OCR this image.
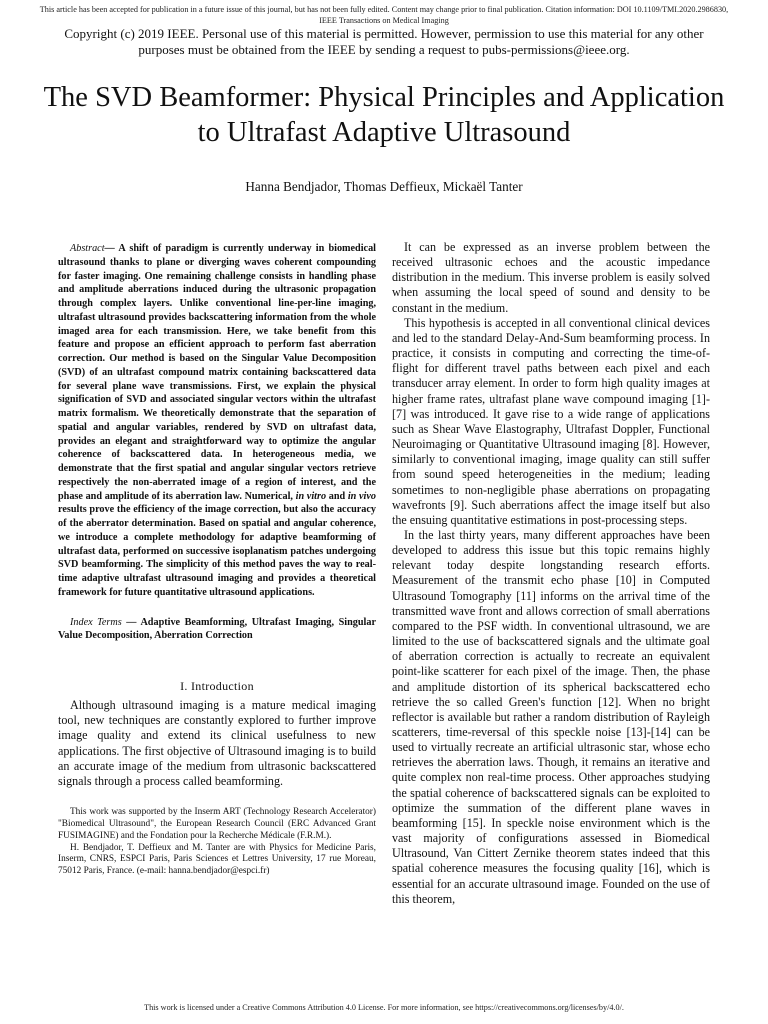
This article has been accepted for publication in a future issue of this journal, but has not been fully edited. Content may change prior to final publication. Citation information: DOI 10.1109/TMI.2020.2986830, IEEE Transactions on Medical Imaging
Copyright (c) 2019 IEEE. Personal use of this material is permitted. However, permission to use this material for any other purposes must be obtained from the IEEE by sending a request to pubs-permissions@ieee.org.
The SVD Beamformer: Physical Principles and Application to Ultrafast Adaptive Ultrasound
Hanna Bendjador, Thomas Deffieux, Mickaël Tanter

Abstract— A shift of paradigm is currently underway in biomedical ultrasound thanks to plane or diverging waves coherent compounding for faster imaging. One remaining challenge consists in handling phase and amplitude aberrations induced during the ultrasonic propagation through complex layers. Unlike conventional line-per-line imaging, ultrafast ultrasound provides backscattering information from the whole imaged area for each transmission. Here, we take benefit from this feature and propose an efficient approach to perform fast aberration correction. Our method is based on the Singular Value Decomposition (SVD) of an ultrafast compound matrix containing backscattered data for several plane wave transmissions. First, we explain the physical signification of SVD and associated singular vectors within the ultrafast matrix formalism. We theoretically demonstrate that the separation of spatial and angular variables, rendered by SVD on ultrafast data, provides an elegant and straightforward way to optimize the angular coherence of backscattered data. In heterogeneous media, we demonstrate that the first spatial and angular singular vectors retrieve respectively the non-aberrated image of a region of interest, and the phase and amplitude of its aberration law. Numerical, in vitro and in vivo results prove the efficiency of the image correction, but also the accuracy of the aberrator determination. Based on spatial and angular coherence, we introduce a complete methodology for adaptive beamforming of ultrafast data, performed on successive isoplanatism patches undergoing SVD beamforming. The simplicity of this method paves the way to real-time adaptive ultrafast ultrasound imaging and provides a theoretical framework for future quantitative ultrasound applications.

Index Terms — Adaptive Beamforming, Ultrafast Imaging, Singular Value Decomposition, Aberration Correction

I. Introduction

Although ultrasound imaging is a mature medical imaging tool, new techniques are constantly explored to further improve image quality and extend its clinical usefulness to new applications. The first objective of Ultrasound imaging is to build an accurate image of the medium from ultrasonic backscattered signals through a process called beamforming.

This work was supported by the Inserm ART (Technology Research Accelerator) "Biomedical Ultrasound", the European Research Council (ERC Advanced Grant FUSIMAGINE) and the Fondation pour la Recherche Médicale (F.R.M.).

H. Bendjador, T. Deffieux and M. Tanter are with Physics for Medicine Paris, Inserm, CNRS, ESPCI Paris, Paris Sciences et Lettres University, 17 rue Moreau, 75012 Paris, France. (e-mail: hanna.bendjador@espci.fr)

It can be expressed as an inverse problem between the received ultrasonic echoes and the acoustic impedance distribution in the medium. This inverse problem is easily solved when assuming the local speed of sound and density to be constant in the medium.

This hypothesis is accepted in all conventional clinical devices and led to the standard Delay-And-Sum beamforming process. In practice, it consists in computing and correcting the time-of-flight for different travel paths between each pixel and each transducer array element. In order to form high quality images at higher frame rates, ultrafast plane wave compound imaging [1]-[7] was introduced. It gave rise to a wide range of applications such as Shear Wave Elastography, Ultrafast Doppler, Functional Neuroimaging or Quantitative Ultrasound imaging [8]. However, similarly to conventional imaging, image quality can still suffer from sound speed heterogeneities in the medium; leading sometimes to non-negligible phase aberrations on propagating wavefronts [9]. Such aberrations affect the image itself but also the ensuing quantitative estimations in post-processing steps.

In the last thirty years, many different approaches have been developed to address this issue but this topic remains highly relevant today despite longstanding research efforts. Measurement of the transmit echo phase [10] in Computed Ultrasound Tomography [11] informs on the arrival time of the transmitted wave front and allows correction of small aberrations compared to the PSF width. In conventional ultrasound, we are limited to the use of backscattered signals and the ultimate goal of aberration correction is actually to recreate an equivalent point-like scatterer for each pixel of the image. Then, the phase and amplitude distortion of its spherical backscattered echo retrieve the so called Green's function [12]. When no bright reflector is available but rather a random distribution of Rayleigh scatterers, time-reversal of this speckle noise [13]-[14] can be used to virtually recreate an artificial ultrasonic star, whose echo retrieves the aberration laws. Though, it remains an iterative and quite complex non real-time process. Other approaches studying the spatial coherence of backscattered signals can be exploited to optimize the summation of the different plane waves in beamforming [15]. In speckle noise environment which is the vast majority of configurations assessed in Biomedical Ultrasound, Van Cittert Zernike theorem states indeed that this spatial coherence measures the focusing quality [16], which is essential for an accurate ultrasound image. Founded on the use of this theorem,

This work is licensed under a Creative Commons Attribution 4.0 License. For more information, see https://creativecommons.org/licenses/by/4.0/.
